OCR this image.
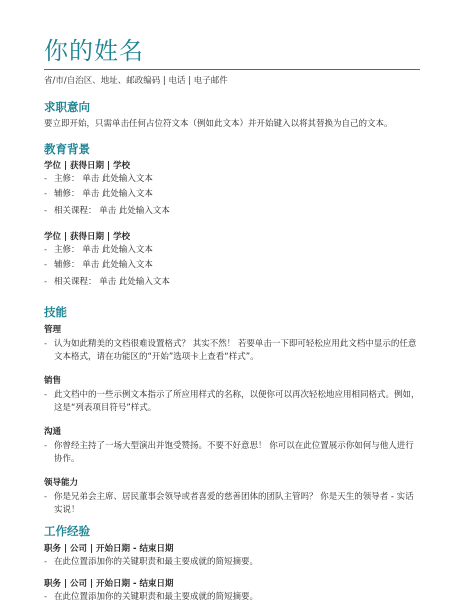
你的姓名
省/市/自治区、地址、邮政编码 | 电话 | 电子邮件
求职意向
要立即开始，只需单击任何占位符文本（例如此文本）并开始键入以将其替换为自己的文本。
教育背景
学位 | 获得日期 | 学校
- 主修： 单击 此处输入文本
- 辅修： 单击 此处输入文本
- 相关课程： 单击 此处输入文本
学位 | 获得日期 | 学校
- 主修： 单击 此处输入文本
- 辅修： 单击 此处输入文本
- 相关课程： 单击 此处输入文本
技能
管理
- 认为如此精美的文档很难设置格式？ 其实不然！ 若要单击一下即可轻松应用此文档中显示的任意文本格式，请在功能区的“开始”选项卡上查看“样式”。
销售
- 此文档中的一些示例文本指示了所应用样式的名称，以便你可以再次轻松地应用相同格式。例如，这是“列表项目符号”样式。
沟通
- 你曾经主持了一场大型演出并饱受赞扬。不要不好意思！ 你可以在此位置展示你如何与他人进行协作。
领导能力
- 你是兄弟会主席、居民董事会领导或者喜爱的慈善团体的团队主管吗？ 你是天生的领导者 - 实话实说！
工作经验
职务 | 公司 | 开始日期 - 结束日期
- 在此位置添加你的关键职责和最主要成就的简短摘要。
职务 | 公司 | 开始日期 - 结束日期
- 在此位置添加你的关键职责和最主要成就的简短摘要。
